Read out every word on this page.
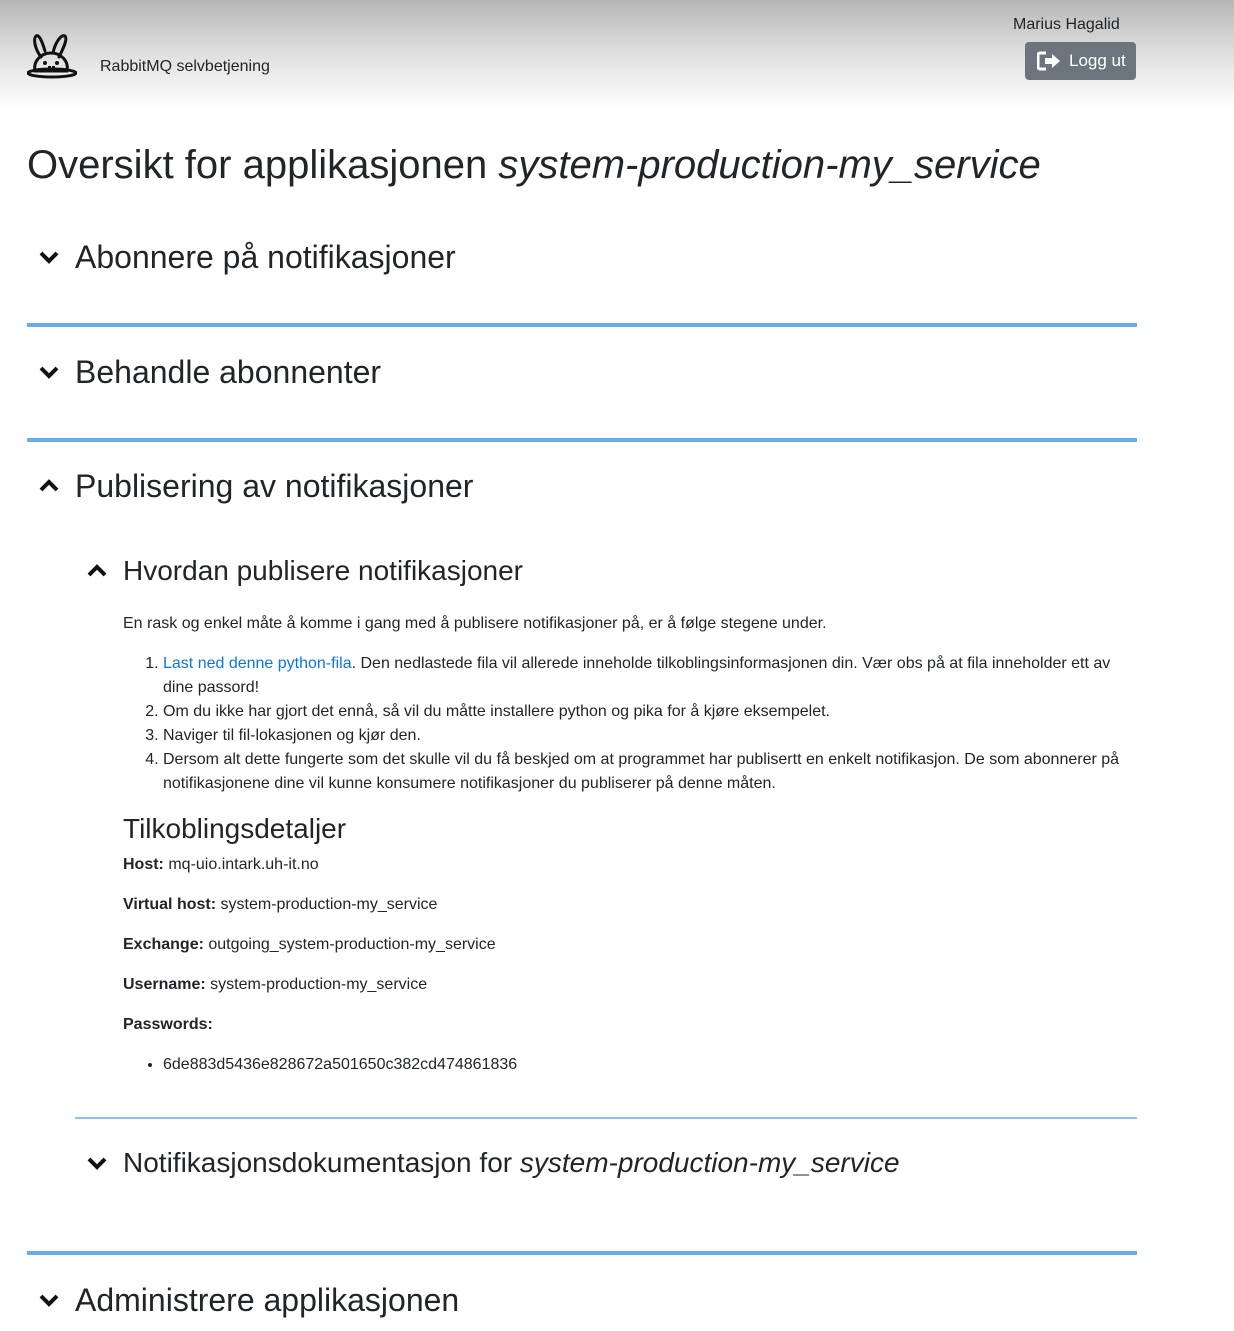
RabbitMQ selvbetjening
Marius Hagalid
Logg ut
Oversikt for applikasjonen system-production-my_service
Abonnere på notifikasjoner
Behandle abonnenter
Publisering av notifikasjoner
Hvordan publisere notifikasjoner
En rask og enkel måte å komme i gang med å publisere notifikasjoner på, er å følge stegene under.
1. Last ned denne python-fila. Den nedlastede fila vil allerede inneholde tilkoblingsinformasjonen din. Vær obs på at fila inneholder ett av dine passord!
2. Om du ikke har gjort det ennå, så vil du måtte installere python og pika for å kjøre eksempelet.
3. Naviger til fil-lokasjonen og kjør den.
4. Dersom alt dette fungerte som det skulle vil du få beskjed om at programmet har publisertt en enkelt notifikasjon. De som abonnerer på notifikasjonene dine vil kunne konsumere notifikasjoner du publiserer på denne måten.
Tilkoblingsdetaljer
Host: mq-uio.intark.uh-it.no
Virtual host: system-production-my_service
Exchange: outgoing_system-production-my_service
Username: system-production-my_service
Passwords:
• 6de883d5436e828672a501650c382cd474861836
Notifikasjonsdokumentasjon for system-production-my_service
Administrere applikasjonen
